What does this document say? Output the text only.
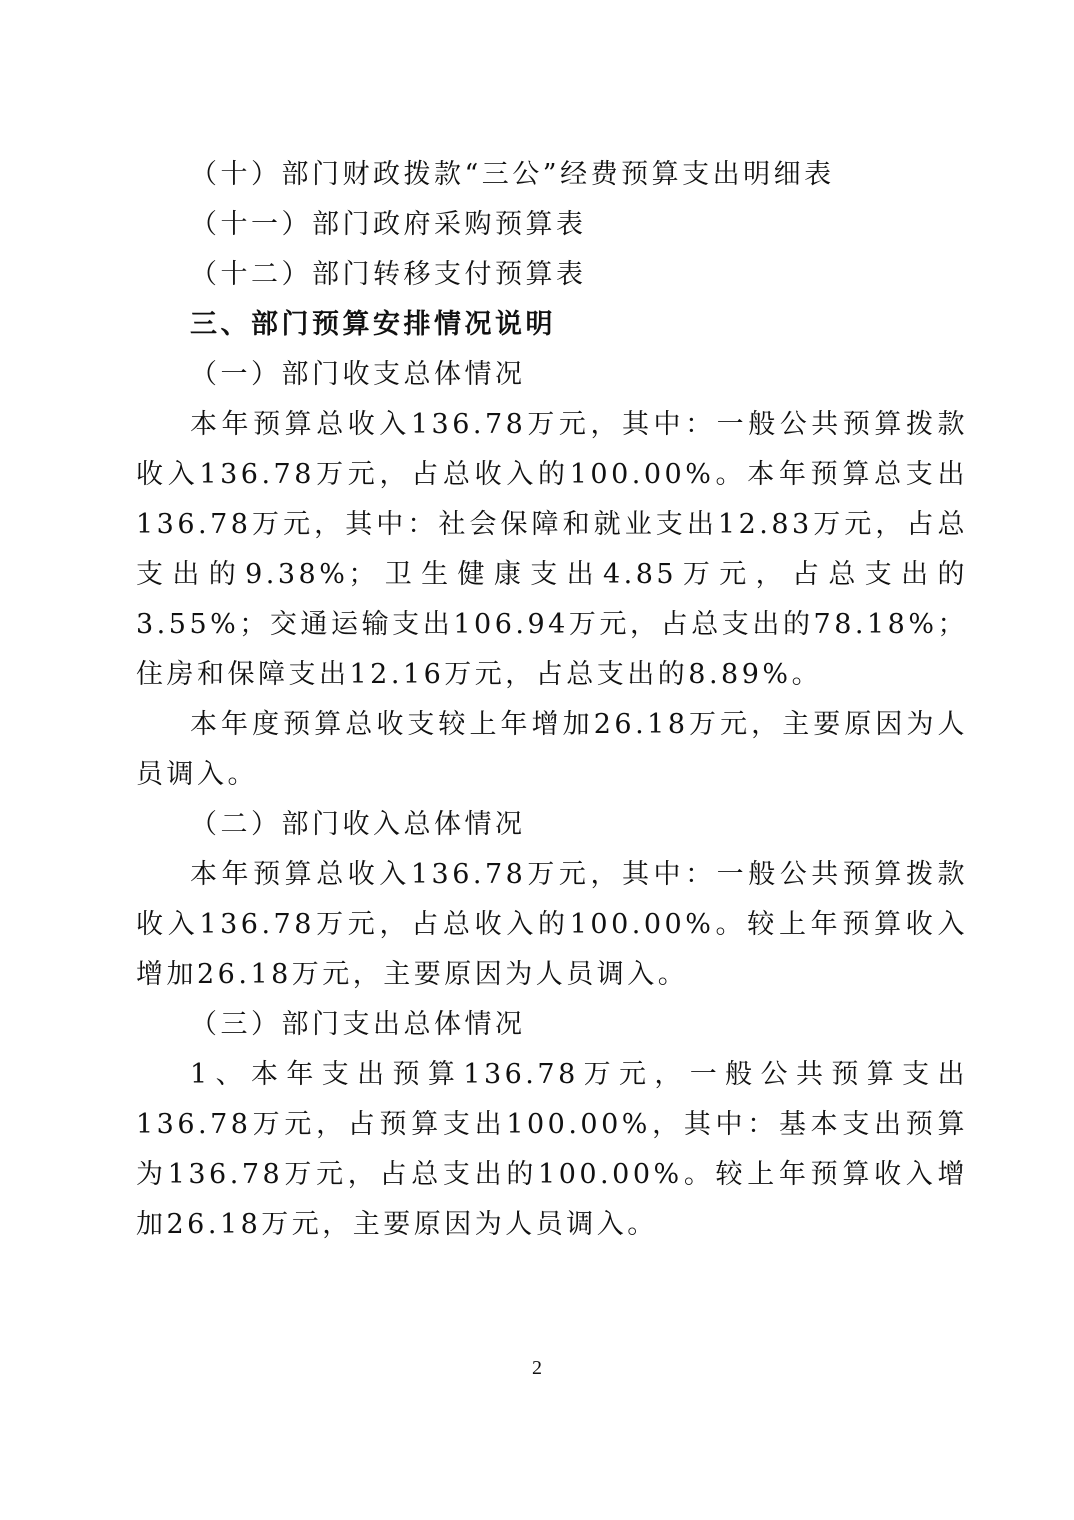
（十）部门财政拨款“三公”经费预算支出明细表

（十一）部门政府采购预算表

（十二）部门转移支付预算表

三、部门预算安排情况说明

（一）部门收支总体情况

本年预算总收入136.78万元，其中：一般公共预算拨款收入136.78万元，占总收入的100.00%。本年预算总支出136.78万元，其中：社会保障和就业支出12.83万元，占总支出的9.38%；卫生健康支出4.85万元，占总支出的3.55%；交通运输支出106.94万元，占总支出的78.18%；住房和保障支出12.16万元，占总支出的8.89%。

本年度预算总收支较上年增加26.18万元，主要原因为人员调入。

（二）部门收入总体情况

本年预算总收入136.78万元，其中：一般公共预算拨款收入136.78万元，占总收入的100.00%。较上年预算收入增加26.18万元，主要原因为人员调入。

（三）部门支出总体情况

1、本年支出预算136.78万元，一般公共预算支出136.78万元，占预算支出100.00%，其中：基本支出预算为136.78万元，占总支出的100.00%。较上年预算收入增加26.18万元，主要原因为人员调入。

2
